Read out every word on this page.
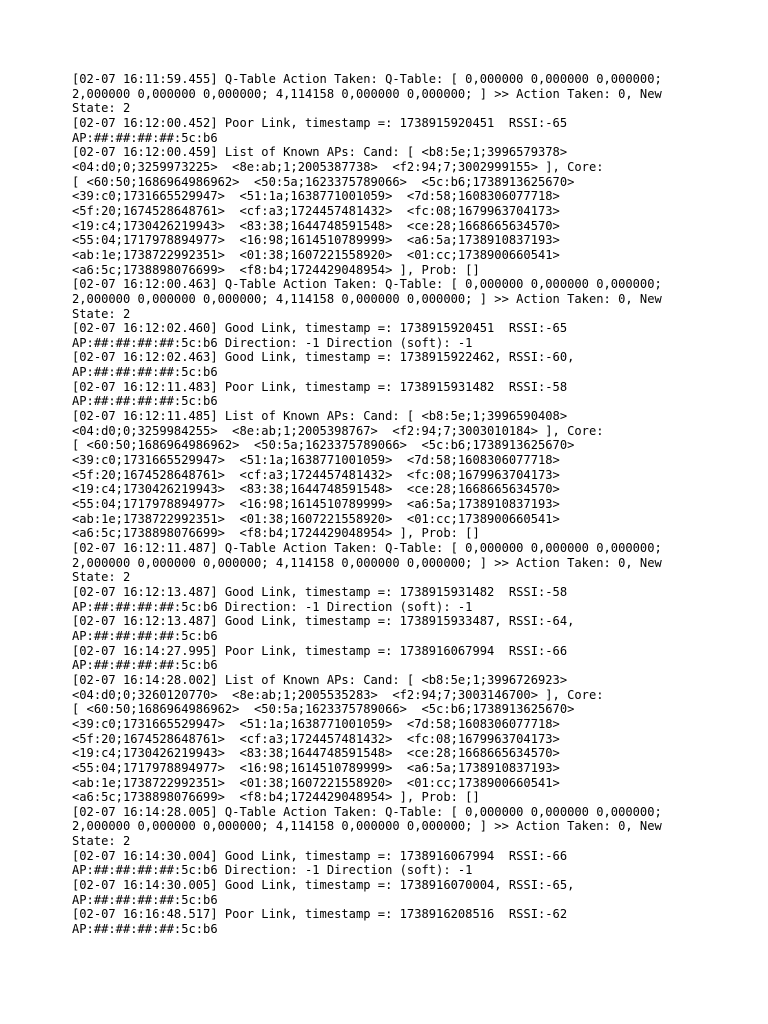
[02-07 16:11:59.455] Q-Table Action Taken: Q-Table: [ 0,000000 0,000000 0,000000;
2,000000 0,000000 0,000000; 4,114158 0,000000 0,000000; ] >> Action Taken: 0, New
State: 2
[02-07 16:12:00.452] Poor Link, timestamp =: 1738915920451  RSSI:-65
AP:##:##:##:##:5c:b6
[02-07 16:12:00.459] List of Known APs: Cand: [ <b8:5e;1;3996579378>
<04:d0;0;3259973225>  <8e:ab;1;2005387738>  <f2:94;7;3002999155> ], Core:
[ <60:50;1686964986962>  <50:5a;1623375789066>  <5c:b6;1738913625670>
<39:c0;1731665529947>  <51:1a;1638771001059>  <7d:58;1608306077718>
<5f:20;1674528648761>  <cf:a3;1724457481432>  <fc:08;1679963704173>
<19:c4;1730426219943>  <83:38;1644748591548>  <ce:28;1668665634570>
<55:04;1717978894977>  <16:98;1614510789999>  <a6:5a;1738910837193>
<ab:1e;1738722992351>  <01:38;1607221558920>  <01:cc;1738900660541>
<a6:5c;1738898076699>  <f8:b4;1724429048954> ], Prob: []
[02-07 16:12:00.463] Q-Table Action Taken: Q-Table: [ 0,000000 0,000000 0,000000;
2,000000 0,000000 0,000000; 4,114158 0,000000 0,000000; ] >> Action Taken: 0, New
State: 2
[02-07 16:12:02.460] Good Link, timestamp =: 1738915920451  RSSI:-65
AP:##:##:##:##:5c:b6 Direction: -1 Direction (soft): -1
[02-07 16:12:02.463] Good Link, timestamp =: 1738915922462, RSSI:-60,
AP:##:##:##:##:5c:b6
[02-07 16:12:11.483] Poor Link, timestamp =: 1738915931482  RSSI:-58
AP:##:##:##:##:5c:b6
[02-07 16:12:11.485] List of Known APs: Cand: [ <b8:5e;1;3996590408>
<04:d0;0;3259984255>  <8e:ab;1;2005398767>  <f2:94;7;3003010184> ], Core:
[ <60:50;1686964986962>  <50:5a;1623375789066>  <5c:b6;1738913625670>
<39:c0;1731665529947>  <51:1a;1638771001059>  <7d:58;1608306077718>
<5f:20;1674528648761>  <cf:a3;1724457481432>  <fc:08;1679963704173>
<19:c4;1730426219943>  <83:38;1644748591548>  <ce:28;1668665634570>
<55:04;1717978894977>  <16:98;1614510789999>  <a6:5a;1738910837193>
<ab:1e;1738722992351>  <01:38;1607221558920>  <01:cc;1738900660541>
<a6:5c;1738898076699>  <f8:b4;1724429048954> ], Prob: []
[02-07 16:12:11.487] Q-Table Action Taken: Q-Table: [ 0,000000 0,000000 0,000000;
2,000000 0,000000 0,000000; 4,114158 0,000000 0,000000; ] >> Action Taken: 0, New
State: 2
[02-07 16:12:13.487] Good Link, timestamp =: 1738915931482  RSSI:-58
AP:##:##:##:##:5c:b6 Direction: -1 Direction (soft): -1
[02-07 16:12:13.487] Good Link, timestamp =: 1738915933487, RSSI:-64,
AP:##:##:##:##:5c:b6
[02-07 16:14:27.995] Poor Link, timestamp =: 1738916067994  RSSI:-66
AP:##:##:##:##:5c:b6
[02-07 16:14:28.002] List of Known APs: Cand: [ <b8:5e;1;3996726923>
<04:d0;0;3260120770>  <8e:ab;1;2005535283>  <f2:94;7;3003146700> ], Core:
[ <60:50;1686964986962>  <50:5a;1623375789066>  <5c:b6;1738913625670>
<39:c0;1731665529947>  <51:1a;1638771001059>  <7d:58;1608306077718>
<5f:20;1674528648761>  <cf:a3;1724457481432>  <fc:08;1679963704173>
<19:c4;1730426219943>  <83:38;1644748591548>  <ce:28;1668665634570>
<55:04;1717978894977>  <16:98;1614510789999>  <a6:5a;1738910837193>
<ab:1e;1738722992351>  <01:38;1607221558920>  <01:cc;1738900660541>
<a6:5c;1738898076699>  <f8:b4;1724429048954> ], Prob: []
[02-07 16:14:28.005] Q-Table Action Taken: Q-Table: [ 0,000000 0,000000 0,000000;
2,000000 0,000000 0,000000; 4,114158 0,000000 0,000000; ] >> Action Taken: 0, New
State: 2
[02-07 16:14:30.004] Good Link, timestamp =: 1738916067994  RSSI:-66
AP:##:##:##:##:5c:b6 Direction: -1 Direction (soft): -1
[02-07 16:14:30.005] Good Link, timestamp =: 1738916070004, RSSI:-65,
AP:##:##:##:##:5c:b6
[02-07 16:16:48.517] Poor Link, timestamp =: 1738916208516  RSSI:-62
AP:##:##:##:##:5c:b6
